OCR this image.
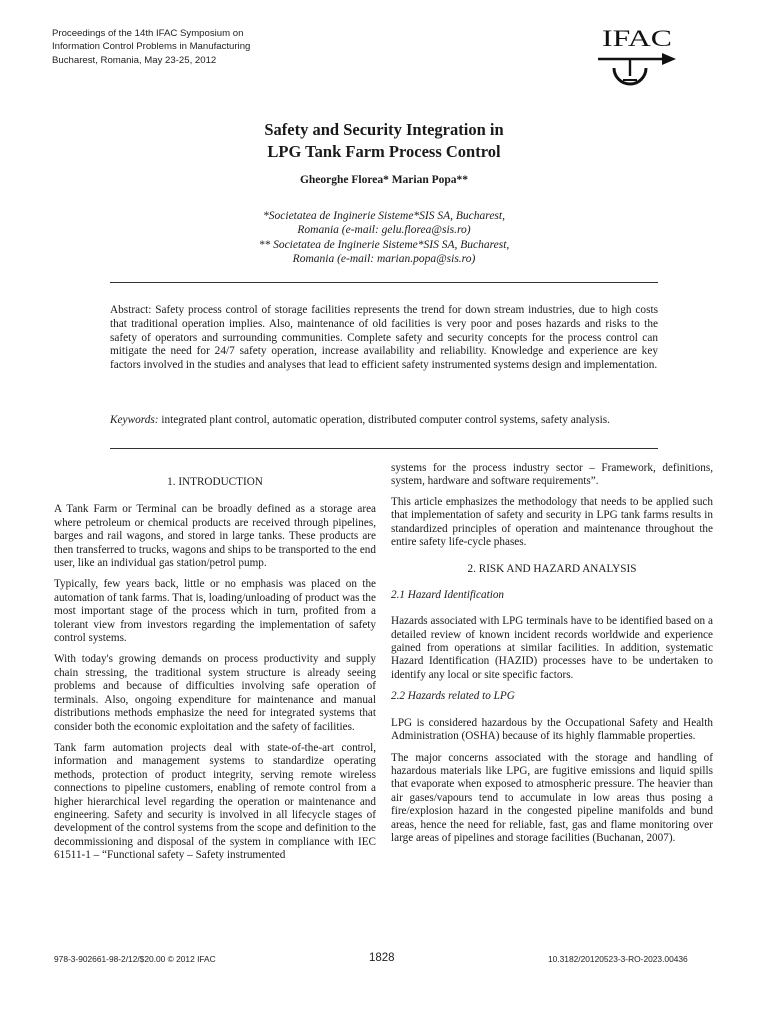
Proceedings of the 14th IFAC Symposium on
Information Control Problems in Manufacturing
Bucharest, Romania, May 23-25, 2012
IFAC
Safety and Security Integration in
LPG Tank Farm Process Control
Gheorghe Florea* Marian Popa**
*Societatea de Inginerie Sisteme*SIS SA, Bucharest,
Romania (e-mail: gelu.florea@sis.ro)
** Societatea de Inginerie Sisteme*SIS SA, Bucharest,
Romania (e-mail: marian.popa@sis.ro)
Abstract: Safety process control of storage facilities represents the trend for down stream industries, due to high costs that traditional operation implies. Also, maintenance of old facilities is very poor and poses hazards and risks to the safety of operators and surrounding communities. Complete safety and security concepts for the process control can mitigate the need for 24/7 safety operation, increase availability and reliability. Knowledge and experience are key factors involved in the studies and analyses that lead to efficient safety instrumented systems design and implementation.
Keywords: integrated plant control, automatic operation, distributed computer control systems, safety analysis.
1. INTRODUCTION

A Tank Farm or Terminal can be broadly defined as a storage area where petroleum or chemical products are received through pipelines, barges and rail wagons, and stored in large tanks. These products are then transferred to trucks, wagons and ships to be transported to the end user, like an individual gas station/petrol pump.

Typically, few years back, little or no emphasis was placed on the automation of tank farms. That is, loading/unloading of product was the most important stage of the process which in turn, profited from a tolerant view from investors regarding the implementation of safety control systems.

With today's growing demands on process productivity and supply chain stressing, the traditional system structure is already seeing problems and because of difficulties involving safe operation of terminals. Also, ongoing expenditure for maintenance and manual distributions methods emphasize the need for integrated systems that consider both the economic exploitation and the safety of facilities.

Tank farm automation projects deal with state-of-the-art control, information and management systems to standardize operating methods, protection of product integrity, serving remote wireless connections to pipeline customers, enabling of remote control from a higher hierarchical level regarding the operation or maintenance and engineering. Safety and security is involved in all lifecycle stages of development of the control systems from the scope and definition to the decommissioning and disposal of the system in compliance with IEC 61511-1 – “Functional safety – Safety instrumented

systems for the process industry sector – Framework, definitions, system, hardware and software requirements”.

This article emphasizes the methodology that needs to be applied such that implementation of safety and security in LPG tank farms results in standardized principles of operation and maintenance throughout the entire safety life-cycle phases.

2. RISK AND HAZARD ANALYSIS
2.1 Hazard Identification

Hazards associated with LPG terminals have to be identified based on a detailed review of known incident records worldwide and experience gained from operations at similar facilities. In addition, systematic Hazard Identification (HAZID) processes have to be undertaken to identify any local or site specific factors.

2.2 Hazards related to LPG

LPG is considered hazardous by the Occupational Safety and Health Administration (OSHA) because of its highly flammable properties.

The major concerns associated with the storage and handling of hazardous materials like LPG, are fugitive emissions and liquid spills that evaporate when exposed to atmospheric pressure. The heavier than air gases/vapours tend to accumulate in low areas thus posing a fire/explosion hazard in the congested pipeline manifolds and bund areas, hence the need for reliable, fast, gas and flame monitoring over large areas of pipelines and storage facilities (Buchanan, 2007).

978-3-902661-98-2/12/$20.00 © 2012 IFAC	1828	10.3182/20120523-3-RO-2023.00436
